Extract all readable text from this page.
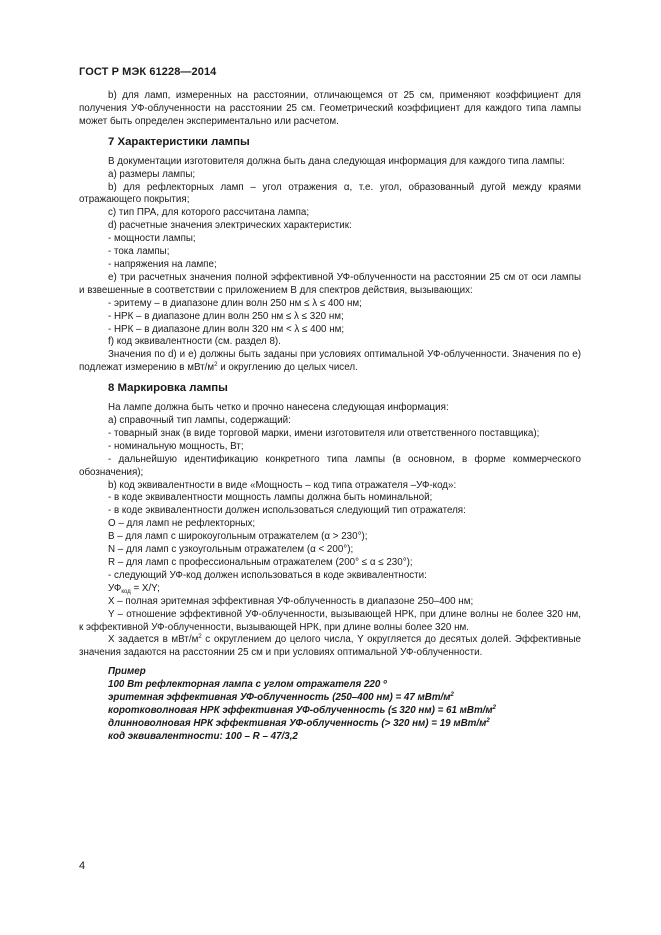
ГОСТ Р МЭК 61228—2014

b) для ламп, измеренных на расстоянии, отличающемся от 25 см, применяют коэффициент для получения УФ-облученности на расстоянии 25 см. Геометрический коэффициент для каждого типа лампы может быть определен экспериментально или расчетом.

7 Характеристики лампы

В документации изготовителя должна быть дана следующая информация для каждого типа лампы:

a) размеры лампы;

b) для рефлекторных ламп – угол отражения α, т.е. угол, образованный дугой между краями отражающего покрытия;

c) тип ПРА, для которого рассчитана лампа;

d) расчетные значения электрических характеристик:

- мощности лампы;

- тока лампы;

- напряжения на лампе;

e) три расчетных значения полной эффективной УФ-облученности на расстоянии 25 см от оси лампы и взвешенные в соответствии с приложением В для спектров действия, вызывающих:

- эритему – в диапазоне длин волн 250 нм ≤ λ ≤ 400 нм;

- НРК – в диапазоне длин волн 250 нм ≤ λ ≤ 320 нм;

- НРК – в диапазоне длин волн 320 нм < λ ≤ 400 нм;

f) код эквивалентности (см. раздел 8).

Значения по d) и e) должны быть заданы при условиях оптимальной УФ-облученности. Значения по e) подлежат измерению в мВт/$м^2$ и округлению до целых чисел.

8 Маркировка лампы

На лампе должна быть четко и прочно нанесена следующая информация:

a) справочный тип лампы, содержащий:

- товарный знак (в виде торговой марки, имени изготовителя или ответственного поставщика);

- номинальную мощность, Вт;

- дальнейшую идентификацию конкретного типа лампы (в основном, в форме коммерческого обозначения);

b) код эквивалентности в виде «Мощность – код типа отражателя –УФ-код»:

- в коде эквивалентности мощность лампы должна быть номинальной;

- в коде эквивалентности должен использоваться следующий тип отражателя:

O – для ламп не рефлекторных;

B – для ламп с широкоугольным отражателем (α > 230°);

N – для ламп с узкоугольным отражателем (α < 200°);

R – для ламп с профессиональным отражателем (200° ≤ α ≤ 230°);

- следующий УФ-код должен использоваться в коде эквивалентности:

$УФ_{код} = X/Y$;

X – полная эритемная эффективная УФ-облученность в диапазоне 250–400 нм;

Y – отношение эффективной УФ-облученности, вызывающей НРК, при длине волны не более 320 нм, к эффективной УФ-облученности, вызывающей НРК, при длине волны более 320 нм.

X задается в мВт/$м^2$ с округлением до целого числа, Y округляется до десятых долей. Эффективные значения задаются на расстоянии 25 см и при условиях оптимальной УФ-облученности.

Пример

100 Вт рефлекторная лампа с углом отражателя 220 º

эритемная эффективная УФ-облученность (250–400 нм) = 47 мВт/$м^2$

коротковолновая НРК эффективная УФ-облученность (≤ 320 нм) = 61 мВт/$м^2$

длинноволновая НРК эффективная УФ-облученность (> 320 нм) = 19 мВт/$м^2$

код эквивалентности: 100 – R – 47/3,2

4
